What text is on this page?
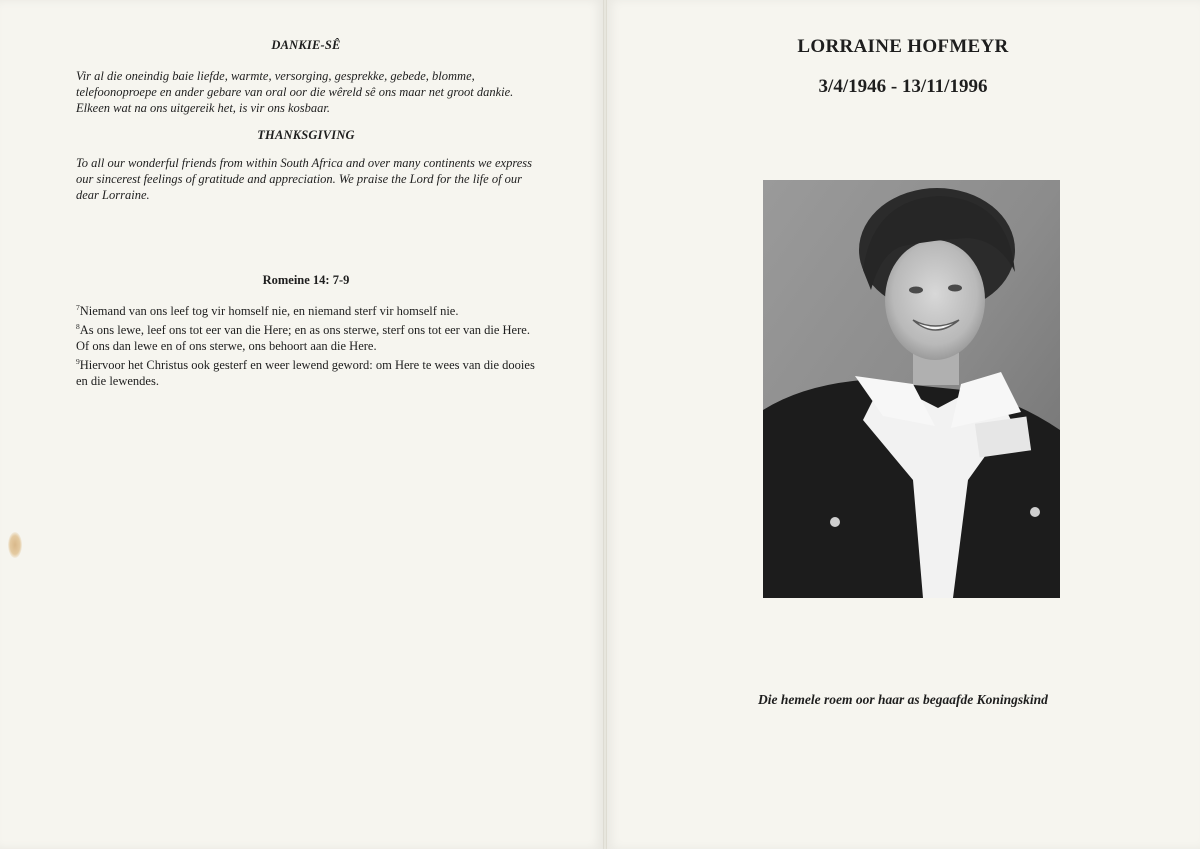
DANKIE-SÊ
Vir al die oneindig baie liefde, warmte, versorging, gesprekke, gebede, blomme,
telefoonoproepe en ander gebare van oral oor die wêreld sê ons maar net groot dankie.
Elkeen wat na ons uitgereik het, is vir ons kosbaar.
THANKSGIVING
To all our wonderful friends from within South Africa and over many continents we express
our sincerest feelings of gratitude and appreciation. We praise the Lord for the life of our
dear Lorraine.
Romeine 14: 7-9
$^7$Niemand van ons leef tog vir homself nie, en niemand sterf vir homself nie.
$^8$As ons lewe, leef ons tot eer van die Here; en as ons sterwe, sterf ons tot eer van die Here.
Of ons dan lewe en of ons sterwe, ons behoort aan die Here.
$^9$Hiervoor het Christus ook gesterf en weer lewend geword: om Here te wees van die dooies
en die lewendes.
LORRAINE HOFMEYR
3/4/1946 - 13/11/1996
Die hemele roem oor haar as begaafde Koningskind
